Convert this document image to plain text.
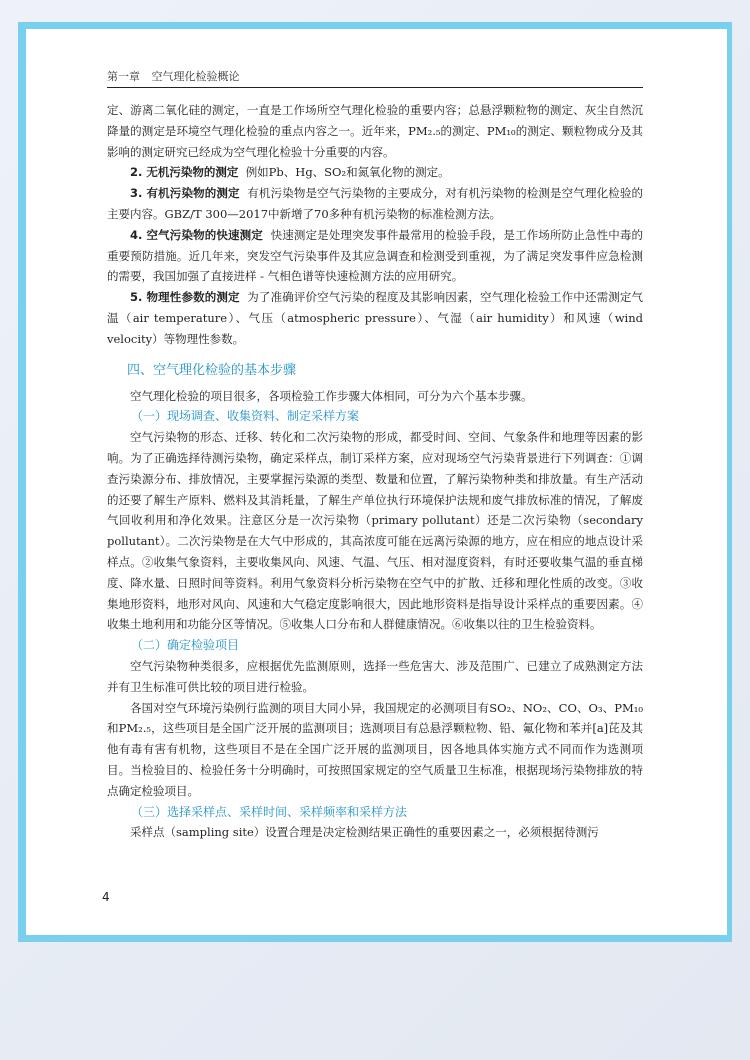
第一章 空气理化检验概论

定、游离二氧化硅的测定，一直是工作场所空气理化检验的重要内容；总悬浮颗粒物的测定、灰尘自然沉降量的测定是环境空气理化检验的重点内容之一。近年来，PM₂.₅的测定、PM₁₀的测定、颗粒物成分及其影响的测定研究已经成为空气理化检验十分重要的内容。

2. 无机污染物的测定 例如Pb、Hg、SO₂和氮氧化物的测定。

3. 有机污染物的测定 有机污染物是空气污染物的主要成分，对有机污染物的检测是空气理化检验的主要内容。GBZ/T 300—2017中新增了70多种有机污染物的标准检测方法。

4. 空气污染物的快速测定 快速测定是处理突发事件最常用的检验手段，是工作场所防止急性中毒的重要预防措施。近几年来，突发空气污染事件及其应急调查和检测受到重视，为了满足突发事件应急检测的需要，我国加强了直接进样 - 气相色谱等快速检测方法的应用研究。

5. 物理性参数的测定 为了准确评价空气污染的程度及其影响因素，空气理化检验工作中还需测定气温（air temperature）、气压（atmospheric pressure）、气湿（air humidity）和风速（wind velocity）等物理性参数。

四、空气理化检验的基本步骤

空气理化检验的项目很多，各项检验工作步骤大体相同，可分为六个基本步骤。

（一）现场调查、收集资料、制定采样方案

空气污染物的形态、迁移、转化和二次污染物的形成，都受时间、空间、气象条件和地理等因素的影响。为了正确选择待测污染物，确定采样点，制订采样方案，应对现场空气污染背景进行下列调查：①调查污染源分布、排放情况，主要掌握污染源的类型、数量和位置，了解污染物种类和排放量。有生产活动的还要了解生产原料、燃料及其消耗量，了解生产单位执行环境保护法规和废气排放标准的情况，了解废气回收利用和净化效果。注意区分是一次污染物（primary pollutant）还是二次污染物（secondary pollutant）。二次污染物是在大气中形成的，其高浓度可能在远离污染源的地方，应在相应的地点设计采样点。②收集气象资料，主要收集风向、风速、气温、气压、相对湿度资料，有时还要收集气温的垂直梯度、降水量、日照时间等资料。利用气象资料分析污染物在空气中的扩散、迁移和理化性质的改变。③收集地形资料，地形对风向、风速和大气稳定度影响很大，因此地形资料是指导设计采样点的重要因素。④收集土地利用和功能分区等情况。⑤收集人口分布和人群健康情况。⑥收集以往的卫生检验资料。

（二）确定检验项目

空气污染物种类很多，应根据优先监测原则，选择一些危害大、涉及范围广、已建立了成熟测定方法并有卫生标准可供比较的项目进行检验。

各国对空气环境污染例行监测的项目大同小异，我国规定的必测项目有SO₂、NO₂、CO、O₃、PM₁₀和PM₂.₅，这些项目是全国广泛开展的监测项目；选测项目有总悬浮颗粒物、铅、氟化物和苯并[a]芘及其他有毒有害有机物，这些项目不是在全国广泛开展的监测项目，因各地具体实施方式不同而作为选测项目。当检验目的、检验任务十分明确时，可按照国家规定的空气质量卫生标准，根据现场污染物排放的特点确定检验项目。

（三）选择采样点、采样时间、采样频率和采样方法

采样点（sampling site）设置合理是决定检测结果正确性的重要因素之一，必须根据待测污

4
